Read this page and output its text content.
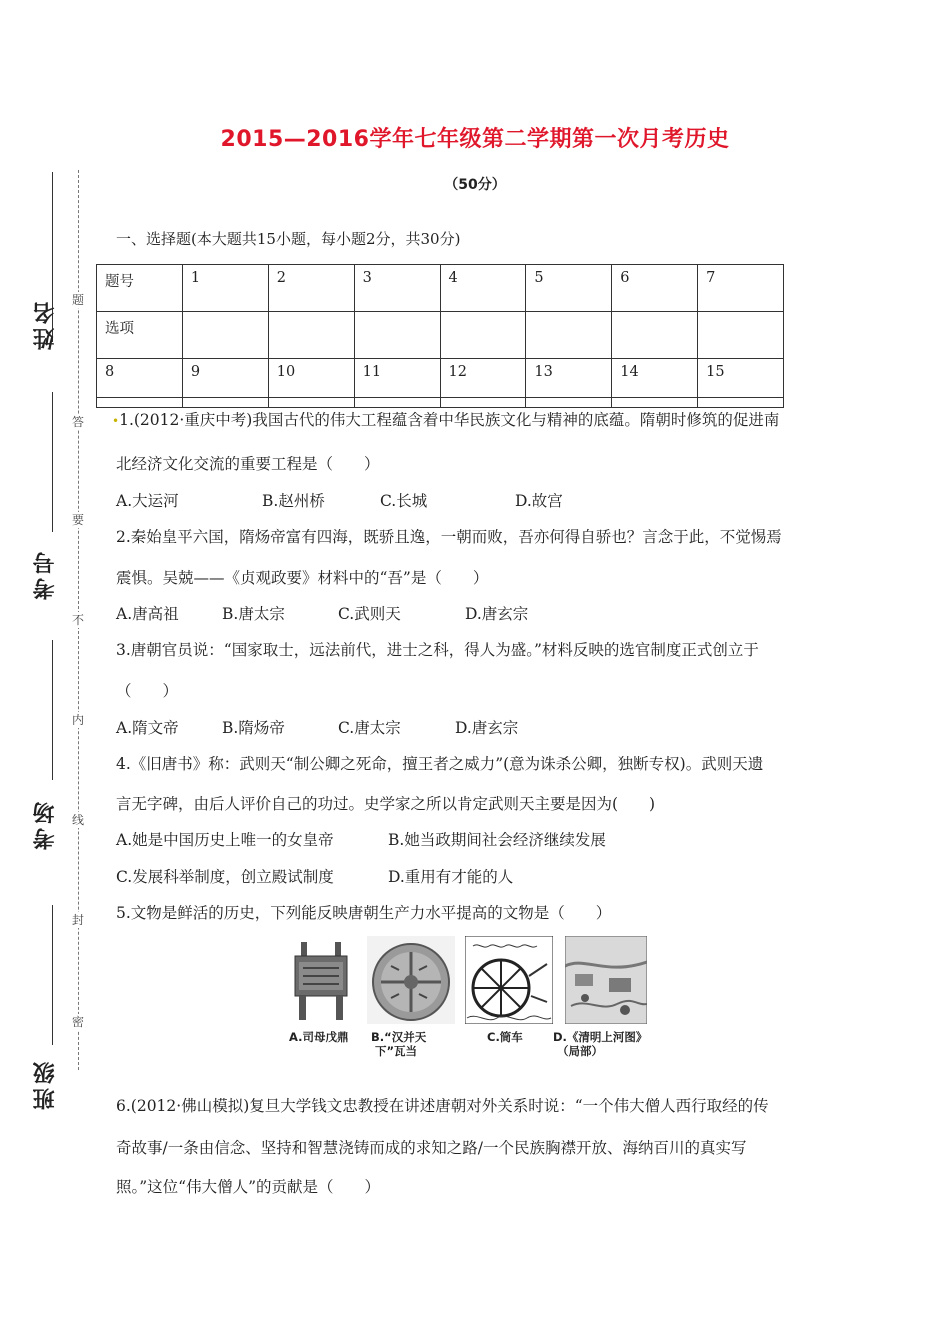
姓名
考号
考场
班级
题
答
要
不
内
线
封
密
2015—2016学年七年级第二学期第一次月考历史
（50分）
一、选择题(本大题共15小题，每小题2分，共30分)
题号	1	2	3	4	5	6	7
选项							
8	9	10	11	12	13	14	15

•1.(2012·重庆中考)我国古代的伟大工程蕴含着中华民族文化与精神的底蕴。隋朝时修筑的促进南
北经济文化交流的重要工程是（　　）
A.大运河	B.赵州桥	C.长城	D.故宫
2.秦始皇平六国，隋炀帝富有四海，既骄且逸，一朝而败，吾亦何得自骄也？言念于此，不觉惕焉
震惧。吴兢——《贞观政要》材料中的“吾”是（　　）
A.唐高祖	B.唐太宗	C.武则天	D.唐玄宗
3.唐朝官员说：“国家取士，远法前代，进士之科，得人为盛。”材料反映的选官制度正式创立于
（　　）
A.隋文帝	B.隋炀帝	C.唐太宗	D.唐玄宗
4.《旧唐书》称：武则天“制公卿之死命，擅王者之威力”(意为诛杀公卿，独断专权)。武则天遗
言无字碑，由后人评价自己的功过。史学家之所以肯定武则天主要是因为(　　)
A.她是中国历史上唯一的女皇帝	B.她当政期间社会经济继续发展
C.发展科举制度，创立殿试制度	D.重用有才能的人
5.文物是鲜活的历史，下列能反映唐朝生产力水平提高的文物是（　　）
A.司母戊鼎 B.“汉并天
下”瓦当
C.筒车	D.《清明上河图》
（局部）
6.(2012·佛山模拟)复旦大学钱文忠教授在讲述唐朝对外关系时说：“一个伟大僧人西行取经的传
奇故事/一条由信念、坚持和智慧浇铸而成的求知之路/一个民族胸襟开放、海纳百川的真实写
照。”这位“伟大僧人”的贡献是（　　）
